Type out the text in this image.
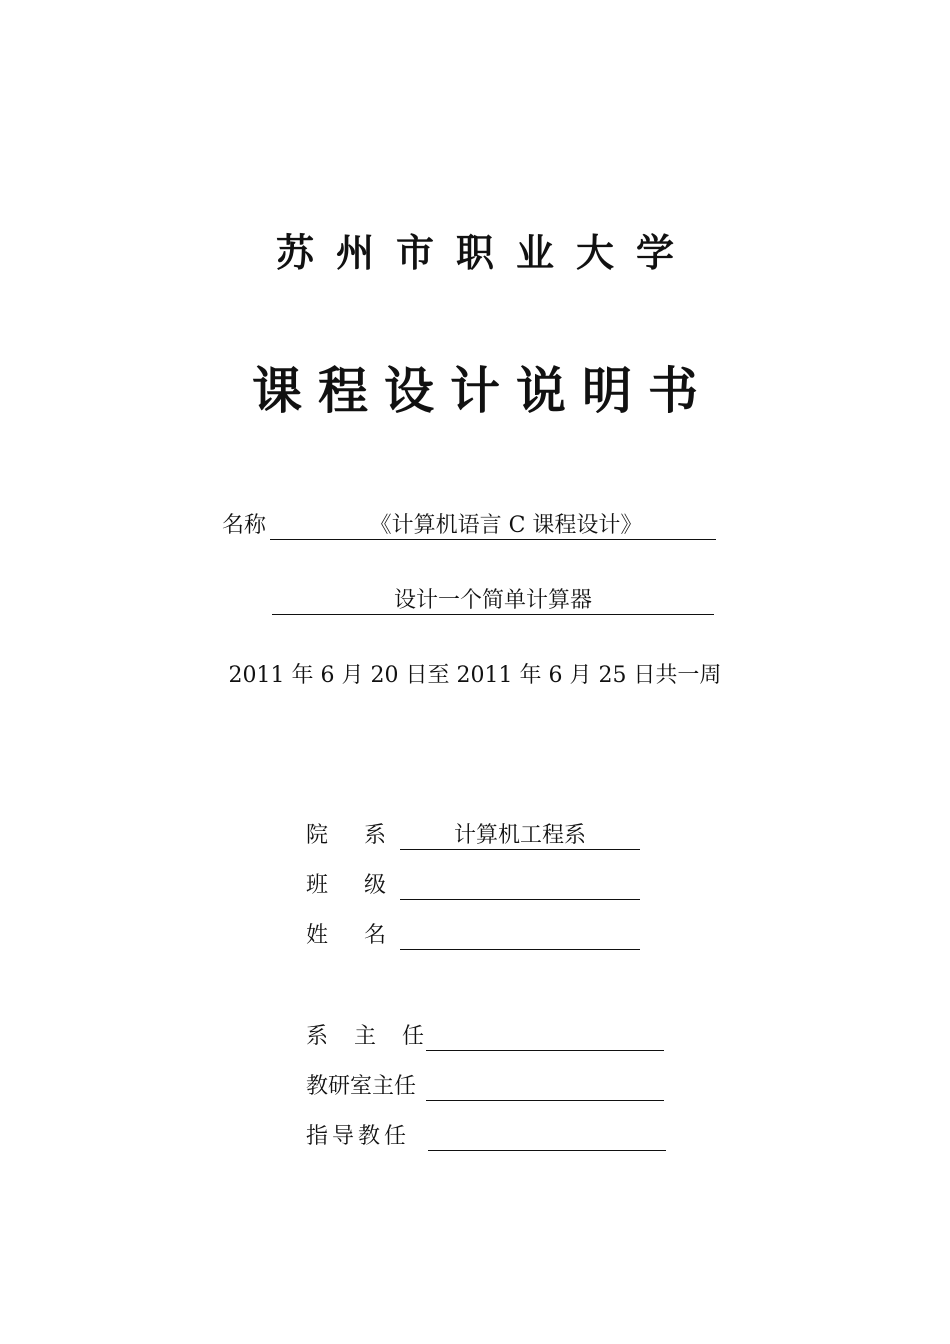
苏州市职业大学
课程设计说明书
名称	《计算机语言 C 课程设计》
设计一个简单计算器
2011 年 6 月 20 日至 2011 年 6 月 25 日共一周
院 系	计算机工程系
班 级
姓 名
系 主 任
教研室主任
指导教任
